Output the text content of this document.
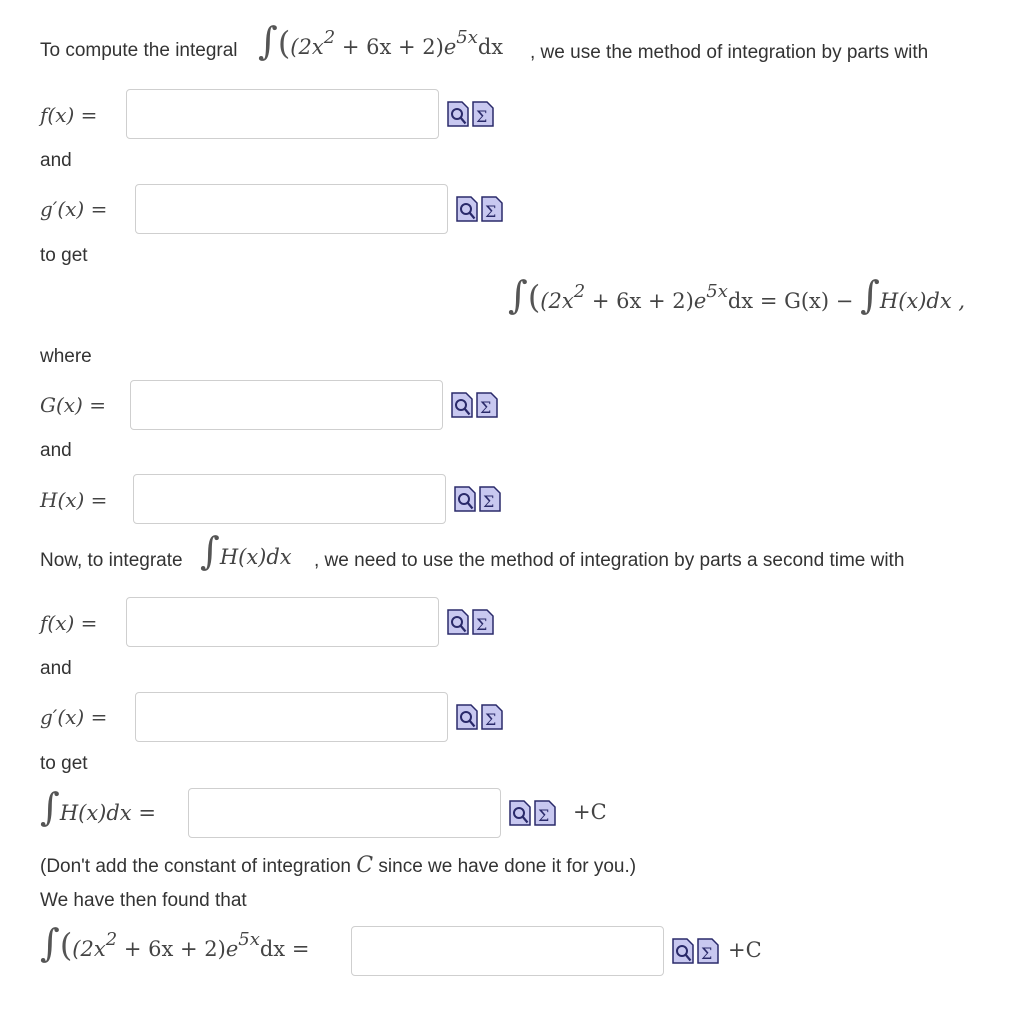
To compute the integral ∫((2x2 + 6x + 2)e5xdx , we use the method of integration by parts with
f(x) =	Σ
and
g′(x) =	Σ
to get
∫((2x2 + 6x + 2)e5xdx = G(x) − ∫H(x)dx ,
where
G(x) =	Σ
and
H(x) =	Σ
Now, to integrate ∫H(x)dx , we need to use the method of integration by parts a second time with
f(x) =	Σ
and
g′(x) =	Σ
to get
∫H(x)dx =	Σ +C
(Don't add the constant of integration C since we have done it for you.)
We have then found that
∫((2x2 + 6x + 2)e5xdx =	Σ +C
